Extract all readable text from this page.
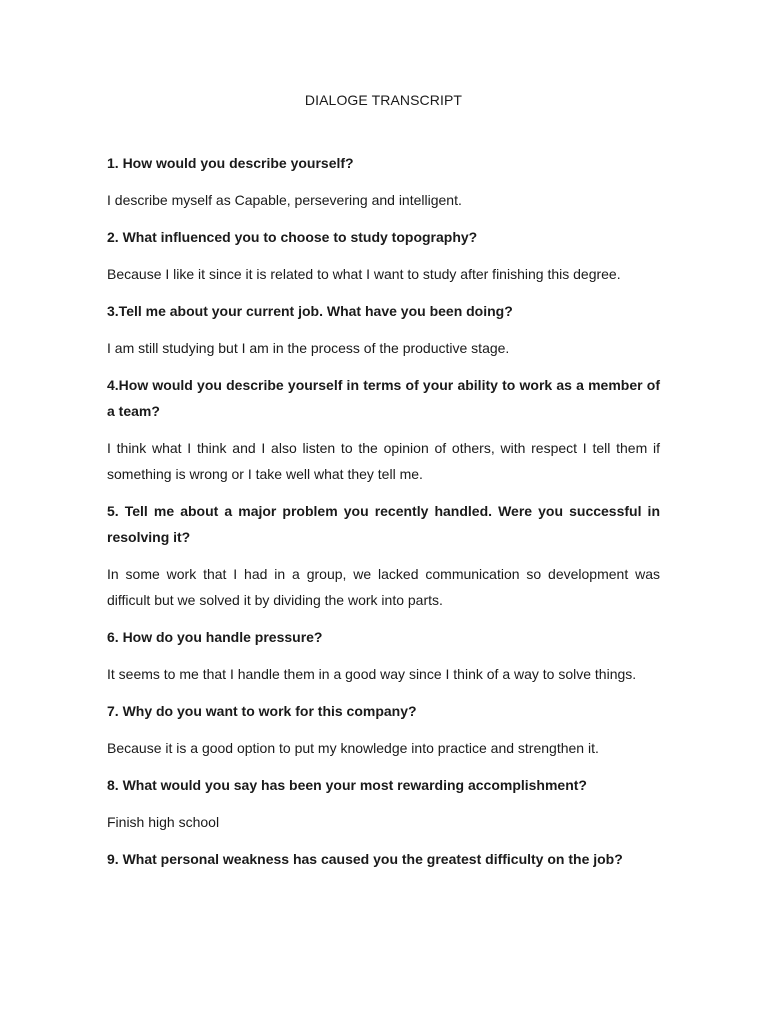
DIALOGE TRANSCRIPT

1. How would you describe yourself?

I describe myself as Capable, persevering and intelligent.

2. What influenced you to choose to study topography?

Because I like it since it is related to what I want to study after finishing this degree.

3.Tell me about your current job. What have you been doing?

I am still studying but I am in the process of the productive stage.

4.How would you describe yourself in terms of your ability to work as a member of a team?

I think what I think and I also listen to the opinion of others, with respect I tell them if something is wrong or I take well what they tell me.

5. Tell me about a major problem you recently handled. Were you successful in resolving it?

In some work that I had in a group, we lacked communication so development was difficult but we solved it by dividing the work into parts.

6. How do you handle pressure?

It seems to me that I handle them in a good way since I think of a way to solve things.

7. Why do you want to work for this company?

Because it is a good option to put my knowledge into practice and strengthen it.

8. What would you say has been your most rewarding accomplishment?

Finish high school

9. What personal weakness has caused you the greatest difficulty on the job?
